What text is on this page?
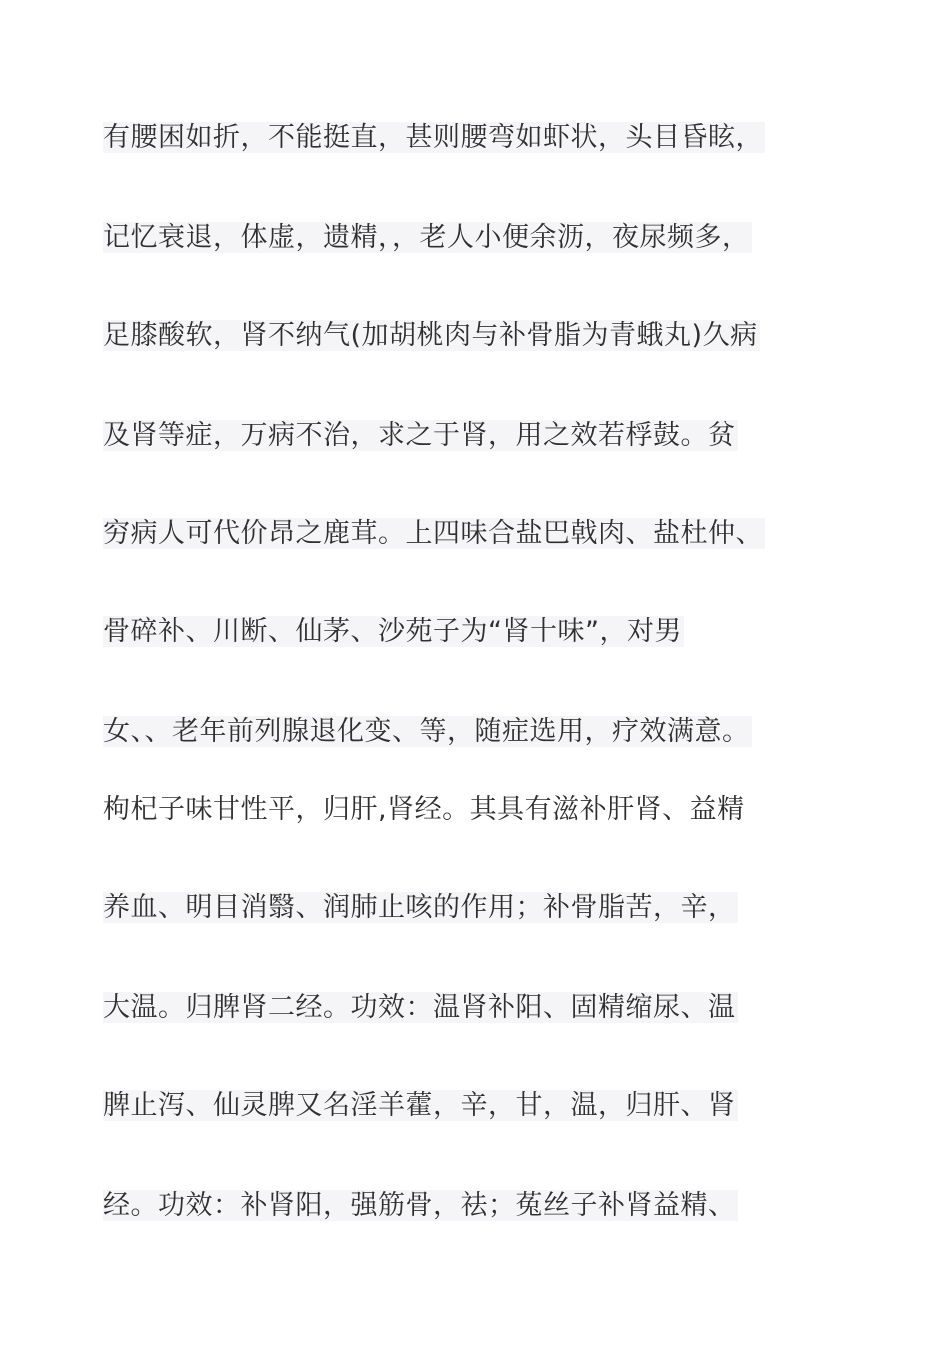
有腰困如折，不能挺直，甚则腰弯如虾状，头目昏眩，
记忆衰退，体虚，遗精，，老人小便余沥，夜尿频多，
足膝酸软，肾不纳气(加胡桃肉与补骨脂为青蛾丸)久病
及肾等症，万病不治，求之于肾，用之效若桴鼓。贫
穷病人可代价昂之鹿茸。上四味合盐巴戟肉、盐杜仲、
骨碎补、川断、仙茅、沙苑子为“肾十味”，对男
女、、老年前列腺退化变、等，随症选用，疗效满意。
枸杞子味甘性平，归肝,肾经。其具有滋补肝肾、益精
养血、明目消翳、润肺止咳的作用；补骨脂苦，辛，
大温。归脾肾二经。功效：温肾补阳、固精缩尿、温
脾止泻、仙灵脾又名淫羊藿，辛，甘，温，归肝、肾
经。功效：补肾阳，强筋骨，祛；菟丝子补肾益精、
